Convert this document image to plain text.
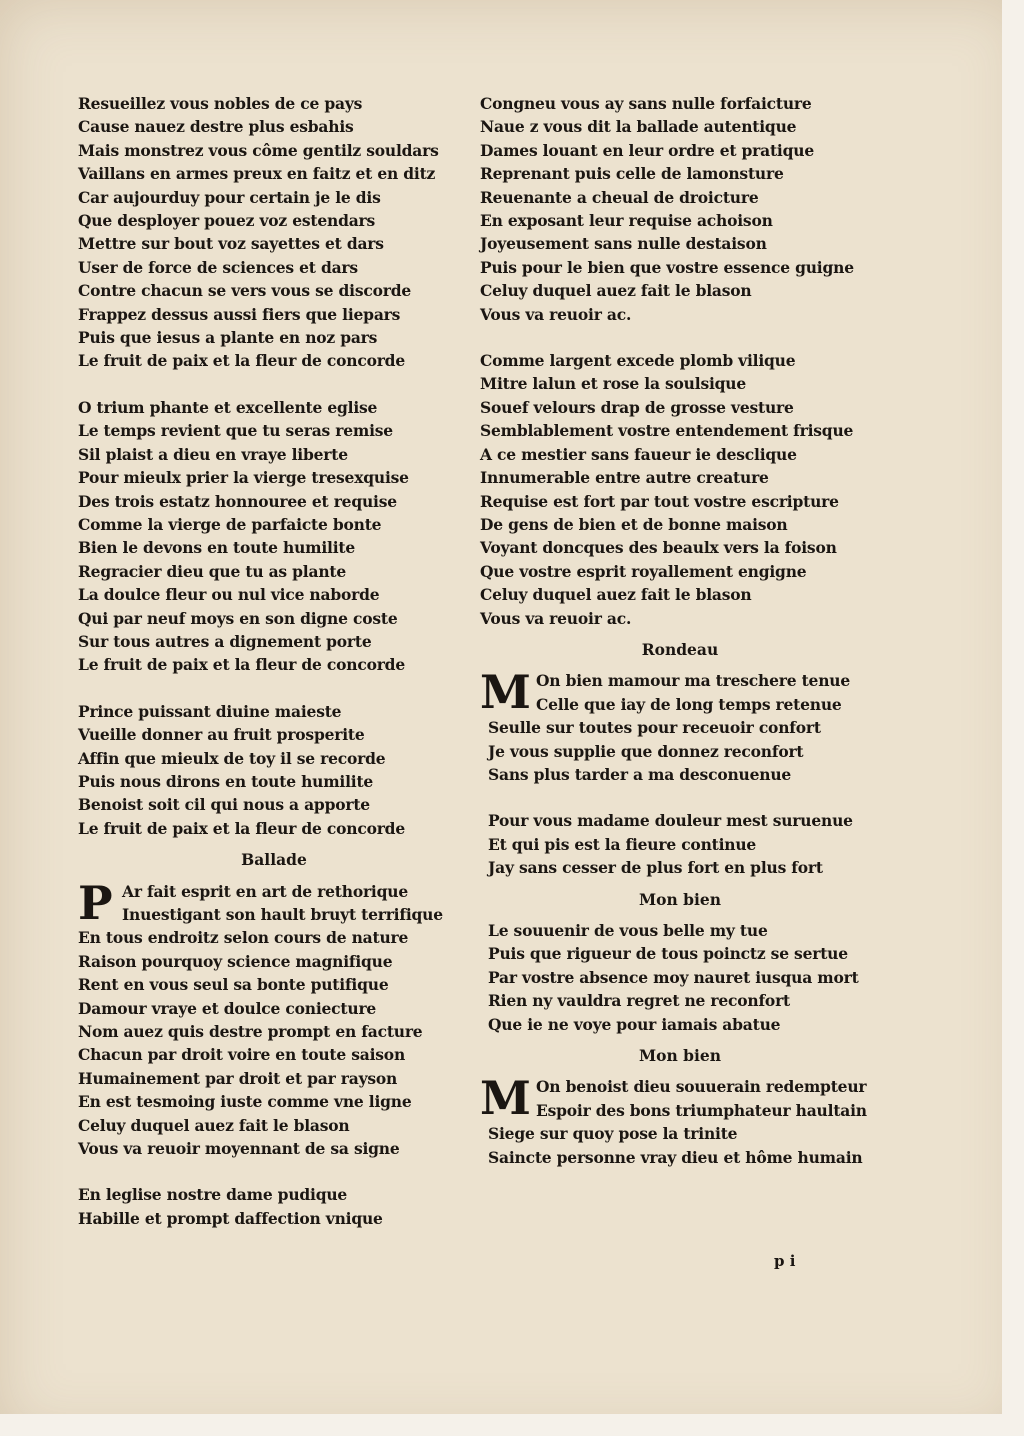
Resueillez vous nobles de ce pays
Cause nauez destre plus esbahis
Mais monstrez vous côme gentilz souldars
Vaillans en armes preux en faitz et en ditz
Car aujourduy pour certain je le dis
Que desployer pouez voz estendars
Mettre sur bout voz sayettes et dars
User de force de sciences et dars
Contre chacun se vers vous se discorde
Frappez dessus aussi fiers que liepars
Puis que iesus a plante en noz pars
Le fruit de paix et la fleur de concorde
O trium phante et excellente eglise
Le temps revient que tu seras remise
Sil plaist a dieu en vraye liberte
Pour mieulx prier la vierge tresexquise
Des trois estatz honnouree et requise
Comme la vierge de parfaicte bonte
Bien le devons en toute humilite
Regracier dieu que tu as plante
La doulce fleur ou nul vice naborde
Qui par neuf moys en son digne coste
Sur tous autres a dignement porte
Le fruit de paix et la fleur de concorde
Prince puissant diuine maieste
Vueille donner au fruit prosperite
Affin que mieulx de toy il se recorde
Puis nous dirons en toute humilite
Benoist soit cil qui nous a apporte
Le fruit de paix et la fleur de concorde
Ballade
P Ar fait esprit en art de rethorique
Inuestigant son hault bruyt terrifique
En tous endroitz selon cours de nature
Raison pourquoy science magnifique
Rent en vous seul sa bonte putifique
Damour vraye et doulce coniecture
Nom auez quis destre prompt en facture
Chacun par droit voire en toute saison
Humainement par droit et par rayson
En est tesmoing iuste comme vne ligne
Celuy duquel auez fait le blason
Vous va reuoir moyennant de sa signe
En leglise nostre dame pudique
Habille et prompt daffection vnique
Congneu vous ay sans nulle forfaicture
Naue z vous dit la ballade autentique
Dames louant en leur ordre et pratique
Reprenant puis celle de lamonsture
Reuenante a cheual de droicture
En exposant leur requise achoison
Joyeusement sans nulle destaison
Puis pour le bien que vostre essence guigne
Celuy duquel auez fait le blason
Vous va reuoir ac.
Comme largent excede plomb vilique
Mitre lalun et rose la soulsique
Souef velours drap de grosse vesture
Semblablement vostre entendement frisque
A ce mestier sans faueur ie desclique
Innumerable entre autre creature
Requise est fort par tout vostre escripture
De gens de bien et de bonne maison
Voyant doncques des beaulx vers la foison
Que vostre esprit royallement engigne
Celuy duquel auez fait le blason
Vous va reuoir ac.
Rondeau
M On bien mamour ma treschere tenue
Celle que iay de long temps retenue
Seulle sur toutes pour receuoir confort
Je vous supplie que donnez reconfort
Sans plus tarder a ma desconuenue
Pour vous madame douleur mest suruenue
Et qui pis est la fieure continue
Jay sans cesser de plus fort en plus fort
Mon bien
Le souuenir de vous belle my tue
Puis que rigueur de tous poinctz se sertue
Par vostre absence moy nauret iusqua mort
Rien ny vauldra regret ne reconfort
Que ie ne voye pour iamais abatue
Mon bien
M On benoist dieu souuerain redempteur
Espoir des bons triumphateur haultain
Siege sur quoy pose la trinite
Saincte personne vray dieu et hôme humain
p i
